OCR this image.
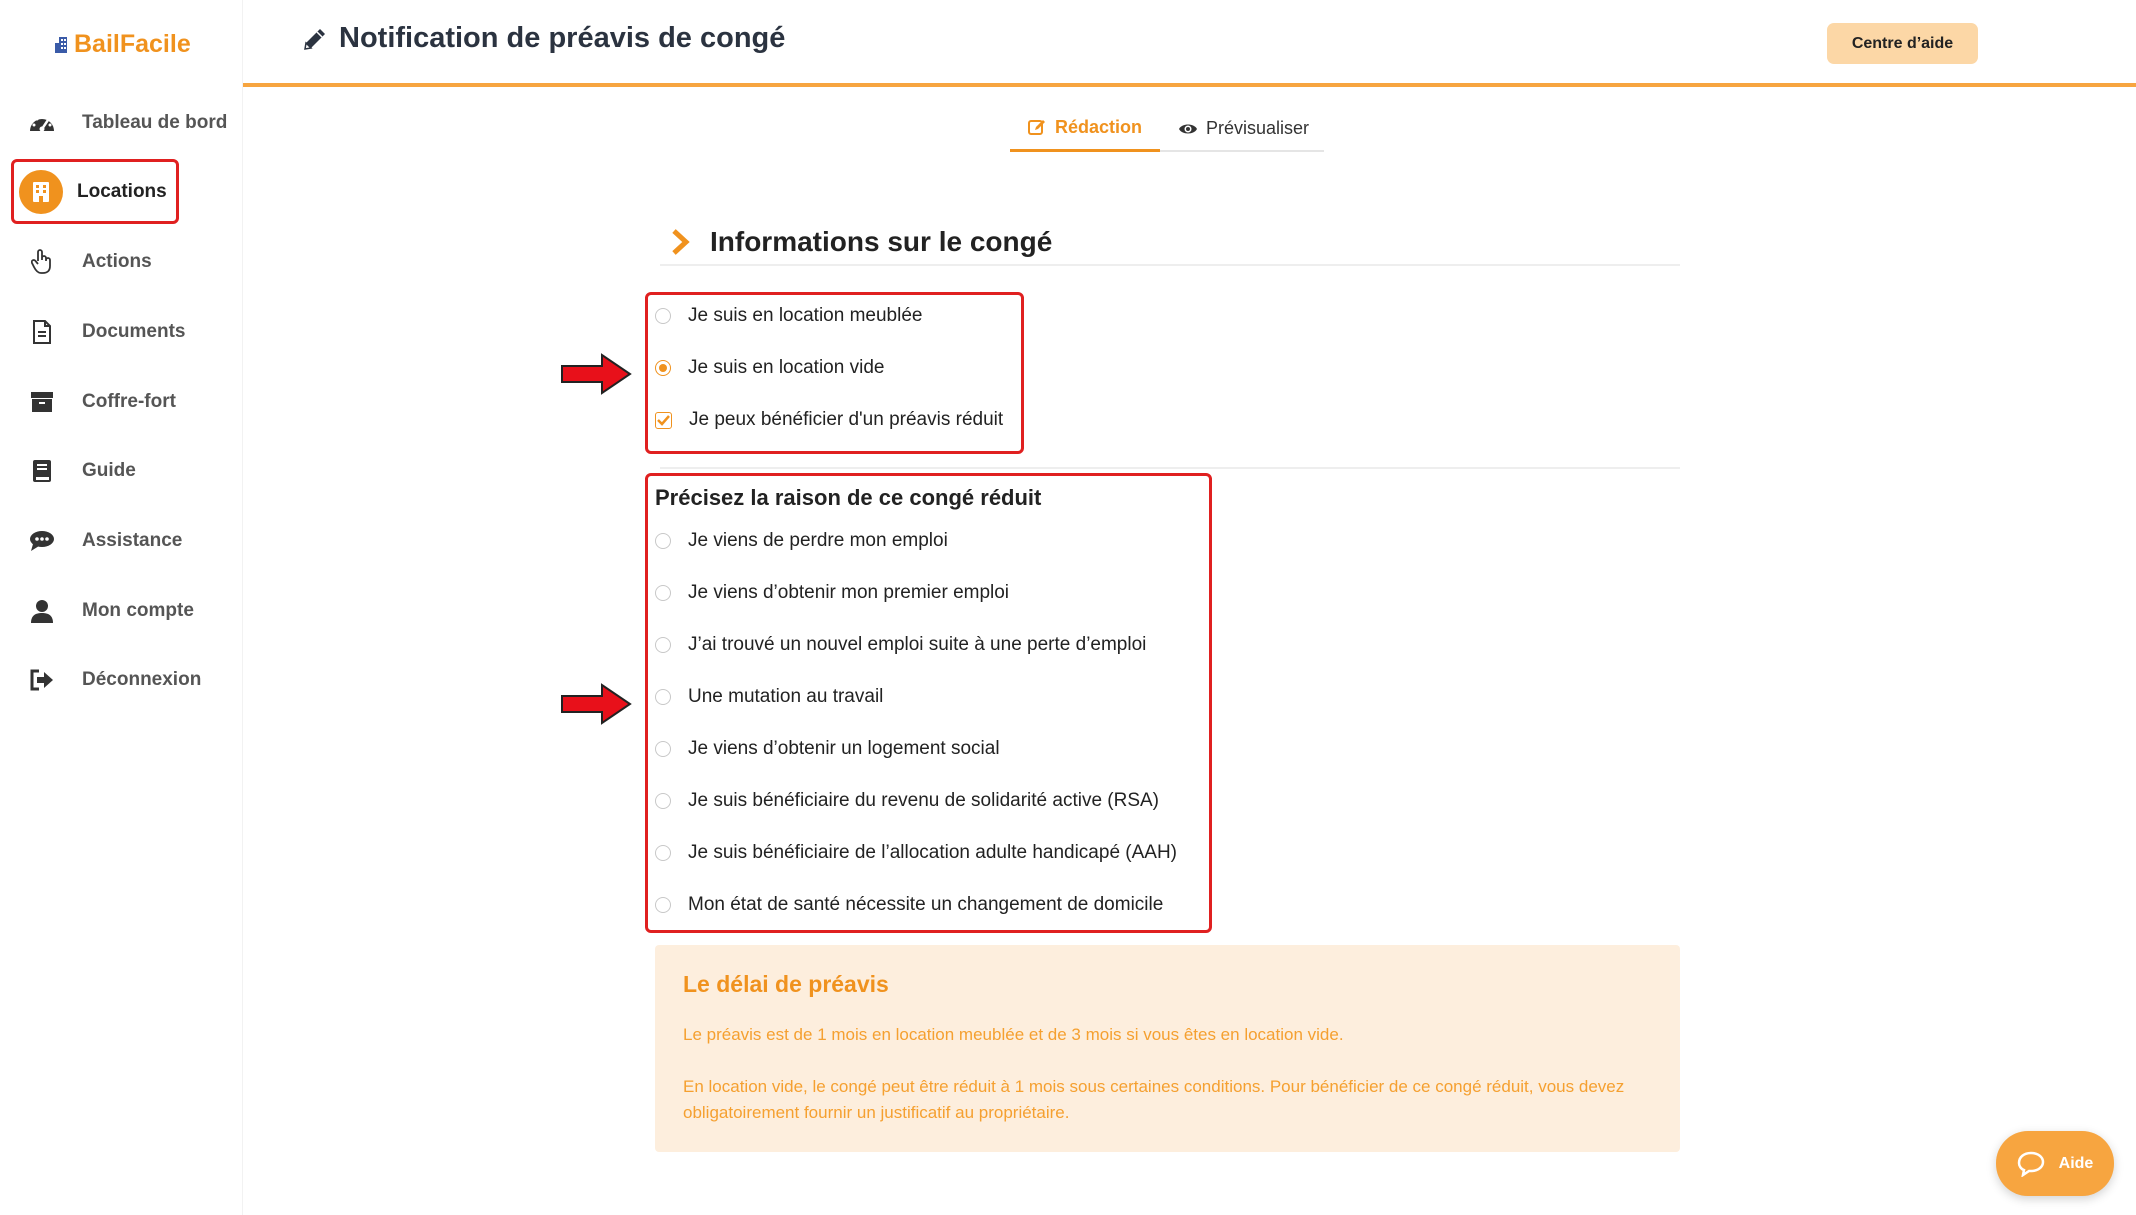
BailFacile
Tableau de bord
Locations
Actions
Documents
Coffre-fort
Guide
Assistance
Mon compte
Déconnexion
Notification de préavis de congé	Centre d’aide
Rédaction	Prévisualiser
Informations sur le congé
Je suis en location meublée
Je suis en location vide
Je peux bénéficier d'un préavis réduit
Précisez la raison de ce congé réduit
Je viens de perdre mon emploi
Je viens d’obtenir mon premier emploi
J’ai trouvé un nouvel emploi suite à une perte d’emploi
Une mutation au travail
Je viens d’obtenir un logement social
Je suis bénéficiaire du revenu de solidarité active (RSA)
Je suis bénéficiaire de l’allocation adulte handicapé (AAH)
Mon état de santé nécessite un changement de domicile
Le délai de préavis

Le préavis est de 1 mois en location meublée et de 3 mois si vous êtes en location vide.

En location vide, le congé peut être réduit à 1 mois sous certaines conditions. Pour bénéficier de ce congé réduit, vous devez obligatoirement fournir un justificatif au propriétaire.

Aide
